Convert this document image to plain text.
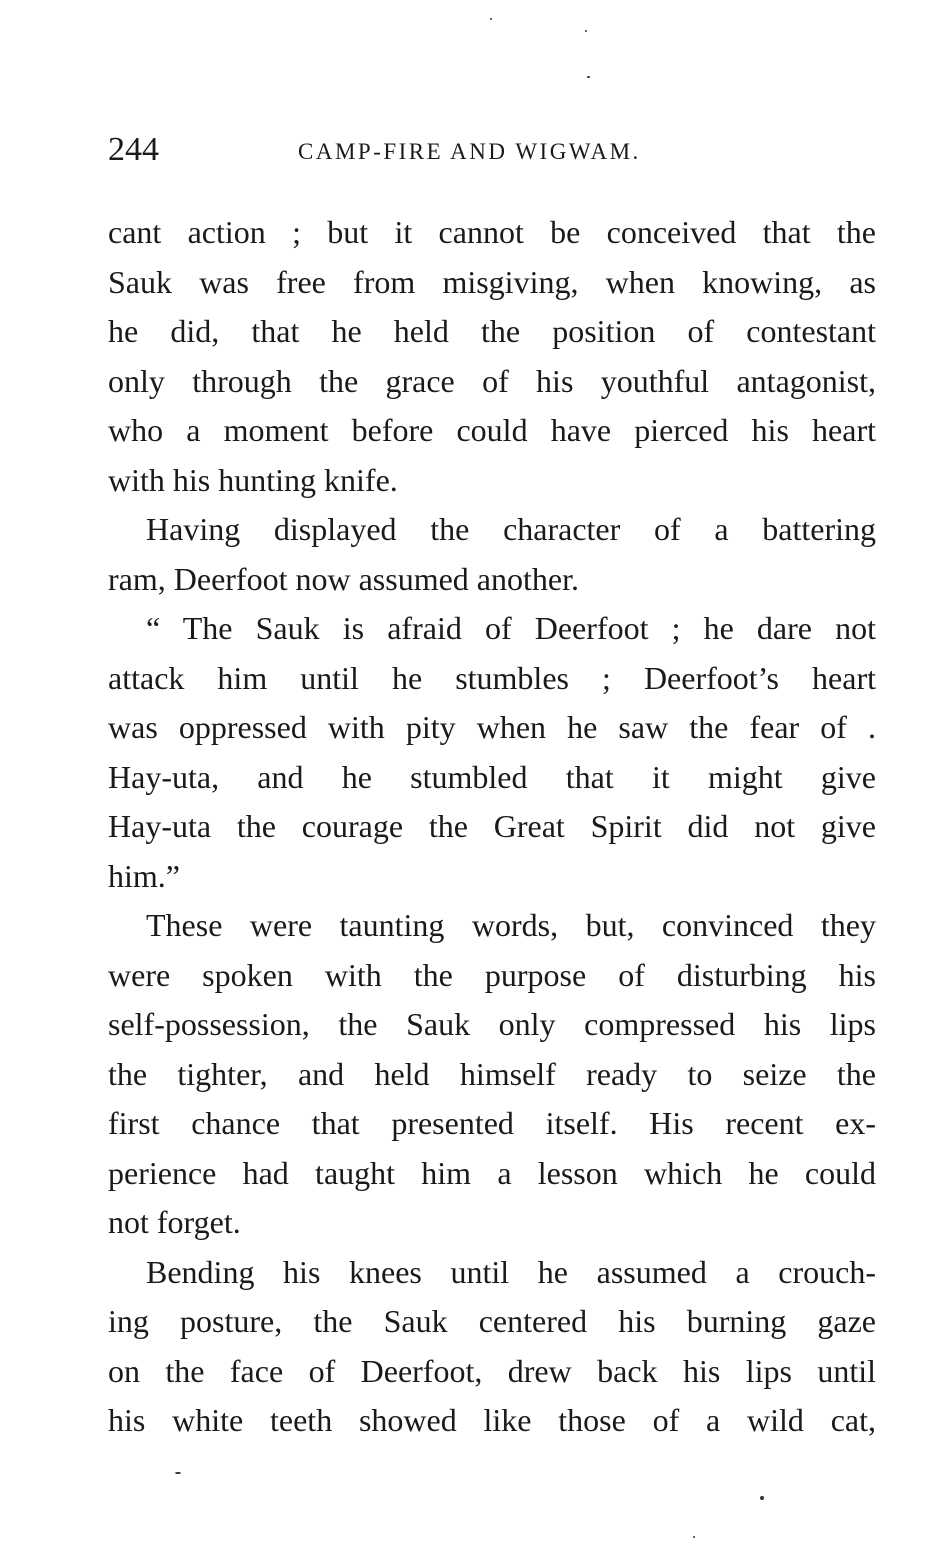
244	CAMP-FIRE AND WIGWAM.
cant action ; but it cannot be conceived that the
Sauk was free from misgiving, when knowing, as
he did, that he held the position of contestant
only through the grace of his youthful antagonist,
who a moment before could have pierced his heart
with his hunting knife.
Having displayed the character of a battering
ram, Deerfoot now assumed another.
“ The Sauk is afraid of Deerfoot ; he dare not
attack him until he stumbles ; Deerfoot’s heart
was oppressed with pity when he saw the fear of .
Hay-uta, and he stumbled that it might give
Hay-uta the courage the Great Spirit did not give
him.”
These were taunting words, but, convinced they
were spoken with the purpose of disturbing his
self-possession, the Sauk only compressed his lips
the tighter, and held himself ready to seize the
first chance that presented itself. His recent ex-
perience had taught him a lesson which he could
not forget.
Bending his knees until he assumed a crouch-
ing posture, the Sauk centered his burning gaze
on the face of Deerfoot, drew back his lips until
his white teeth showed like those of a wild cat,
